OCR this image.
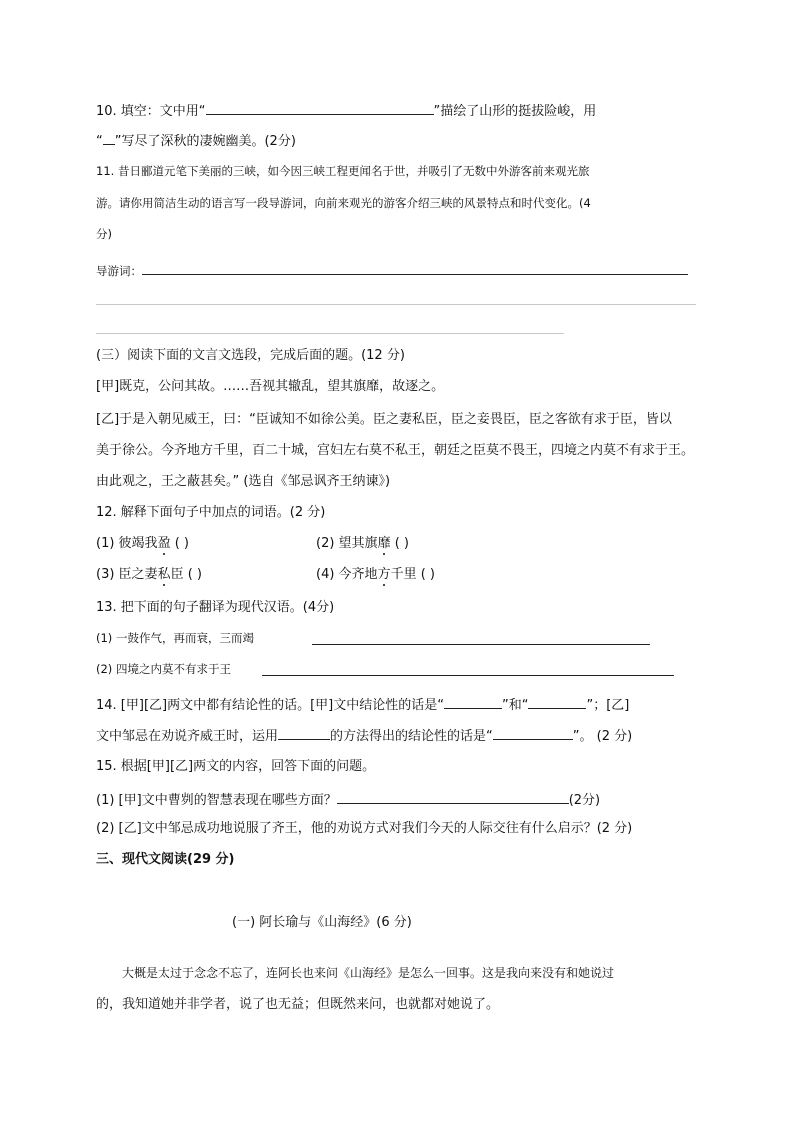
10. 填空：文中用“	”描绘了山形的挺拔险峻，用
“ ”写尽了深秋的凄婉幽美。(2分)
11. 昔日郦道元笔下美丽的三峡，如今因三峡工程更闻名于世，并吸引了无数中外游客前来观光旅
游。请你用简洁生动的语言写一段导游词，向前来观光的游客介绍三峡的风景特点和时代变化。(4
分)
导游词：
(三）阅读下面的文言文选段，完成后面的题。(12 分)
[甲]既克，公问其故。……吾视其辙乱，望其旗靡，故逐之。
[乙]于是入朝见威王，曰：“臣诚知不如徐公美。臣之妻私臣，臣之妾畏臣，臣之客欲有求于臣，皆以
美于徐公。今齐地方千里，百二十城，宫妇左右莫不私王，朝廷之臣莫不畏王，四境之内莫不有求于王。
由此观之，王之蔽甚矣。” (选自《邹忌讽齐王纳谏》)
12. 解释下面句子中加点的词语。(2 分)
(1) 彼竭我盈 ( )	(2) 望其旗靡 ( )
(3) 臣之妻私臣 ( )	(4) 今齐地方千里 ( )
13. 把下面的句子翻译为现代汉语。(4分)
(1) 一鼓作气，再而衰，三而竭
(2) 四境之内莫不有求于王
14. [甲][乙]两文中都有结论性的话。[甲]文中结论性的话是“	”和“	”；[乙]
文中邹忌在劝说齐威王时，运用	的方法得出的结论性的话是“	”。 (2 分)
15. 根据[甲][乙]两文的内容，回答下面的问题。
(1) [甲]文中曹刿的智慧表现在哪些方面？	(2分)
(2) [乙]文中邹忌成功地说服了齐王，他的劝说方式对我们今天的人际交往有什么启示？(2 分)
三、现代文阅读(29 分)
(一) 阿长瑜与《山海经》(6 分)
大概是太过于念念不忘了，连阿长也来问《山海经》是怎么一回事。这是我向来没有和她说过
的，我知道她并非学者，说了也无益；但既然来问，也就都对她说了。
